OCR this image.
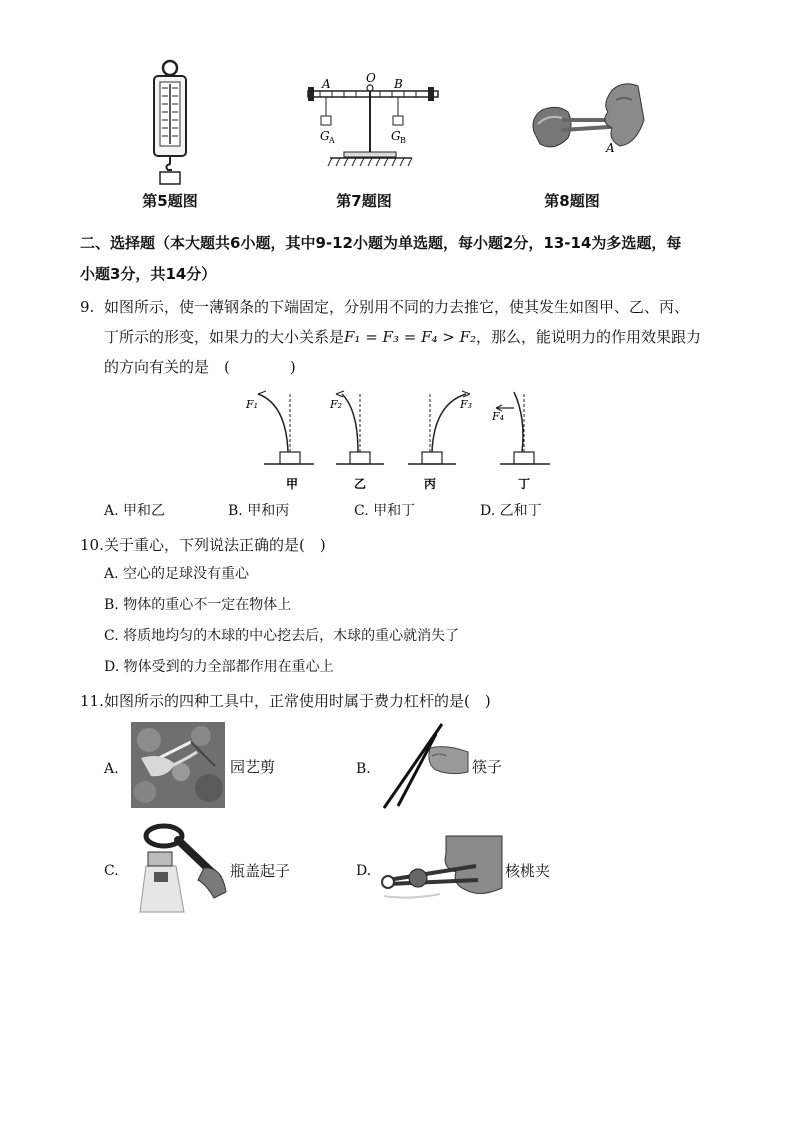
第5题图
A	O B
G A	G B
第7题图
A
第8题图
二、选择题（本大题共6小题，其中9-12小题为单选题，每小题2分，13-14为多选题，每
小题3分，共14分）
9. 如图所示，使一薄钢条的下端固定，分别用不同的力去推它，使其发生如图甲、乙、丙、
丁所示的形变，如果力的大小关系是F₁ = F₃ = F₄ > F₂，那么，能说明力的作用效果跟力
的方向有关的是　(　　　　)
F₁	F₂	F₃
F₄
甲	乙	丙	丁
A. 甲和乙	B. 甲和丙	C. 甲和丁	D. 乙和丁
10. 关于重心，下列说法正确的是(　)
A. 空心的足球没有重心
B. 物体的重心不一定在物体上
C. 将质地均匀的木球的中心挖去后，木球的重心就消失了
D. 物体受到的力全部都作用在重心上
11. 如图所示的四种工具中，正常使用时属于费力杠杆的是(　)
A.	园艺剪	B.	筷子
C.	瓶盖起子	D.	核桃夹
